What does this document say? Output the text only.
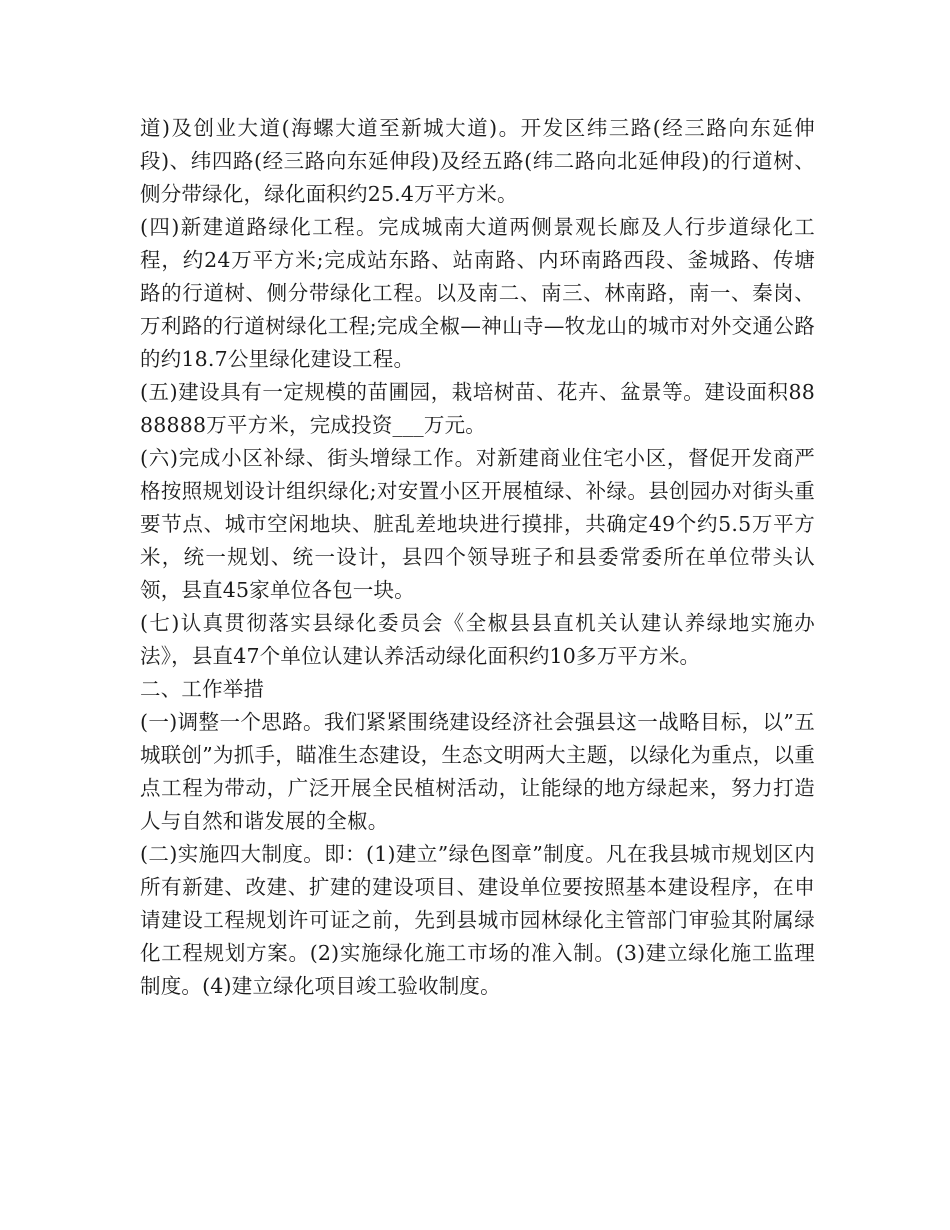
道)及创业大道(海螺大道至新城大道)。开发区纬三路(经三路向东延伸段)、纬四路(经三路向东延伸段)及经五路(纬二路向北延伸段)的行道树、侧分带绿化，绿化面积约25.4万平方米。

(四)新建道路绿化工程。完成城南大道两侧景观长廊及人行步道绿化工程，约24万平方米;完成站东路、站南路、内环南路西段、釜城路、传塘路的行道树、侧分带绿化工程。以及南二、南三、林南路，南一、秦岗、万利路的行道树绿化工程;完成全椒—神山寺—牧龙山的城市对外交通公路的约18.7公里绿化建设工程。

(五)建设具有一定规模的苗圃园，栽培树苗、花卉、盆景等。建设面积8888888万平方米，完成投资___万元。

(六)完成小区补绿、街头增绿工作。对新建商业住宅小区，督促开发商严格按照规划设计组织绿化;对安置小区开展植绿、补绿。县创园办对街头重要节点、城市空闲地块、脏乱差地块进行摸排，共确定49个约5.5万平方米，统一规划、统一设计，县四个领导班子和县委常委所在单位带头认领，县直45家单位各包一块。

(七)认真贯彻落实县绿化委员会《全椒县县直机关认建认养绿地实施办法》，县直47个单位认建认养活动绿化面积约10多万平方米。

二、工作举措

(一)调整一个思路。我们紧紧围绕建设经济社会强县这一战略目标，以”五城联创”为抓手，瞄准生态建设，生态文明两大主题，以绿化为重点，以重点工程为带动，广泛开展全民植树活动，让能绿的地方绿起来，努力打造人与自然和谐发展的全椒。

(二)实施四大制度。即：(1)建立”绿色图章”制度。凡在我县城市规划区内所有新建、改建、扩建的建设项目、建设单位要按照基本建设程序，在申请建设工程规划许可证之前，先到县城市园林绿化主管部门审验其附属绿化工程规划方案。(2)实施绿化施工市场的准入制。(3)建立绿化施工监理制度。(4)建立绿化项目竣工验收制度。
